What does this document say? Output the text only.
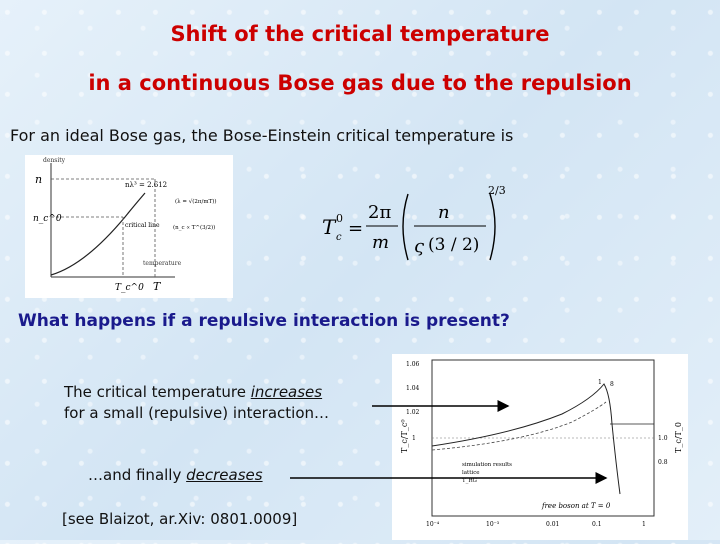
Shift of the critical temperature
in a continuous Bose gas due to the repulsion
For an ideal Bose gas, the Bose-Einstein critical temperature is
density
n
n_c^0
temperature
T_c^0 T
nλ³ = 2.612
(λ = √(2π/mT))
critical line (n_c ∝ T^(3/2))	T 0
c =
2π
m
n
ς (3 / 2)
2/3
What happens if a repulsive interaction is present?
The critical temperature increases
for a small (repulsive) interaction…
…and finally decreases
[see Blaizot, ar.Xiv: 0801.0009]
1.06
1.04
1.02
1	1.0
0.8
T_c/T_c⁰	T_c/T_0
10⁻⁴	10⁻³	0.01	0.1	1
1 8
simulation results
lattice
T_RG
free boson at T = 0
